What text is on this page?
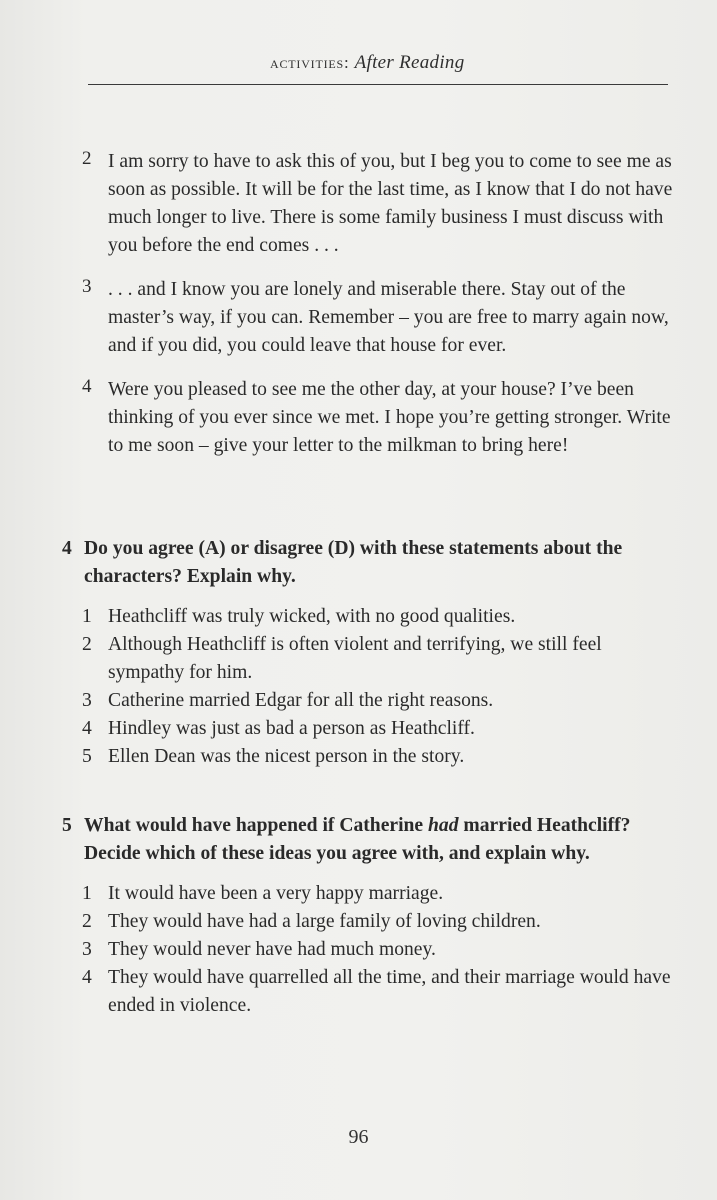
activities: After Reading
2 I am sorry to have to ask this of you, but I beg you to come to see me as soon as possible. It will be for the last time, as I know that I do not have much longer to live. There is some family business I must discuss with you before the end comes . . .
3 . . . and I know you are lonely and miserable there. Stay out of the master’s way, if you can. Remember – you are free to marry again now, and if you did, you could leave that house for ever.
4 Were you pleased to see me the other day, at your house? I’ve been thinking of you ever since we met. I hope you’re getting stronger. Write to me soon – give your letter to the milkman to bring here!
4 Do you agree (A) or disagree (D) with these statements about the characters? Explain why.
1 Heathcliff was truly wicked, with no good qualities.
2 Although Heathcliff is often violent and terrifying, we still feel sympathy for him.
3 Catherine married Edgar for all the right reasons.
4 Hindley was just as bad a person as Heathcliff.
5 Ellen Dean was the nicest person in the story.
5 What would have happened if Catherine had married Heathcliff? Decide which of these ideas you agree with, and explain why.
1 It would have been a very happy marriage.
2 They would have had a large family of loving children.
3 They would never have had much money.
4 They would have quarrelled all the time, and their marriage would have ended in violence.
96
